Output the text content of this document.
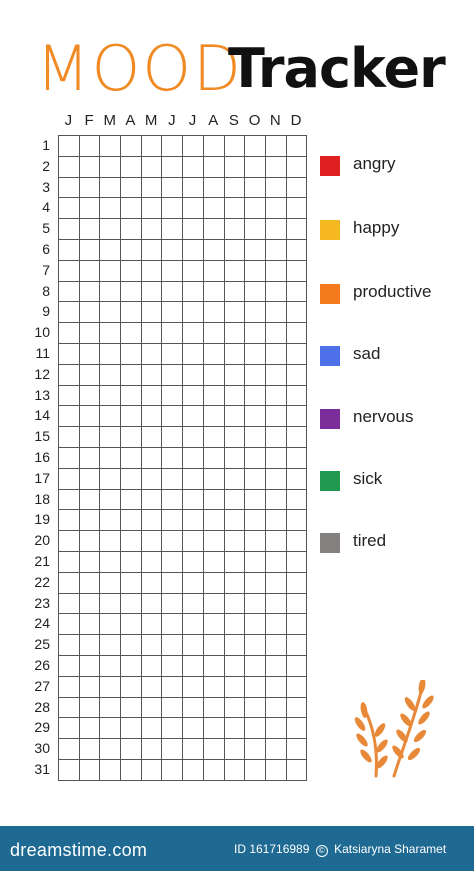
MOOD
Tracker
J F M A M J J A S O N D
1
2
3
4
5
6
7
8
9
10
11
12
13
14
15
16
17
18
19
20
21
22
23
24
25
26
27
28
29
30
31
angry
happy
productive
sad
nervous
sick
tired
dreamstime.com	ID 161716989 © Katsiaryna Sharamet
